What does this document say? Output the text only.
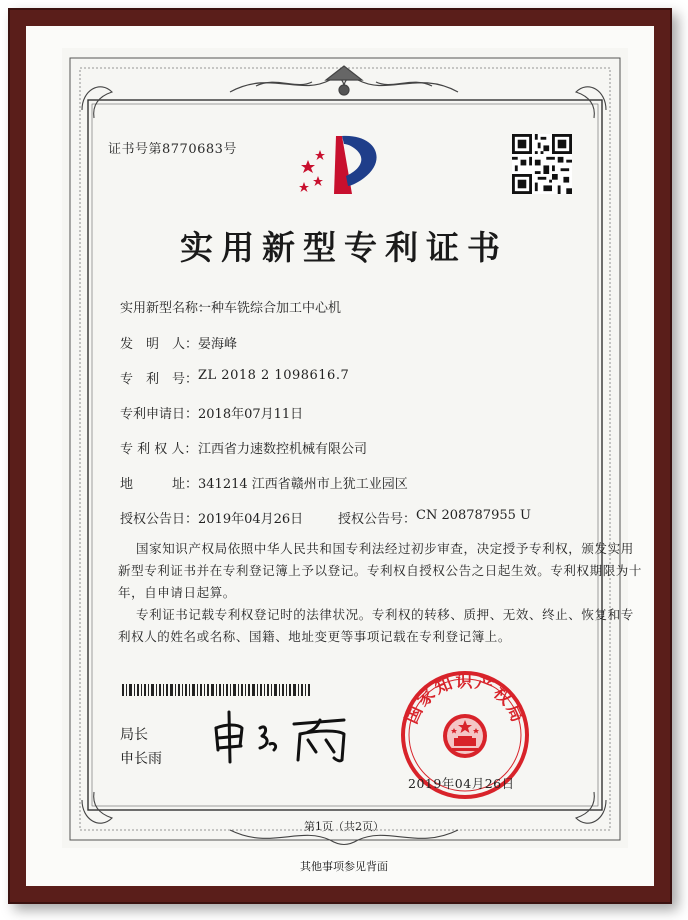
证书号第8770683号
实用新型专利证书
实用新型名称：
一种车铣综合加工中心机
发　明　人： 晏海峰
专　利　号： ZL 2018 2 1098616.7
专利申请日： 2018年07月11日
专 利 权 人： 江西省力速数控机械有限公司
地　　　址： 341214 江西省赣州市上犹工业园区
授权公告日： 2019年04月26日	授权公告号： CN 208787955 U
国家知识产权局依照中华人民共和国专利法经过初步审查，决定授予专利权，颁发实用
新型专利证书并在专利登记簿上予以登记。专利权自授权公告之日起生效。专利权期限为十
年，自申请日起算。
专利证书记载专利权登记时的法律状况。专利权的转移、质押、无效、终止、恢复和专
利权人的姓名或名称、国籍、地址变更等事项记载在专利登记簿上。
局长
申长雨
国家知识产权局
2019年04月26日
第1页（共2页）
其他事项参见背面
